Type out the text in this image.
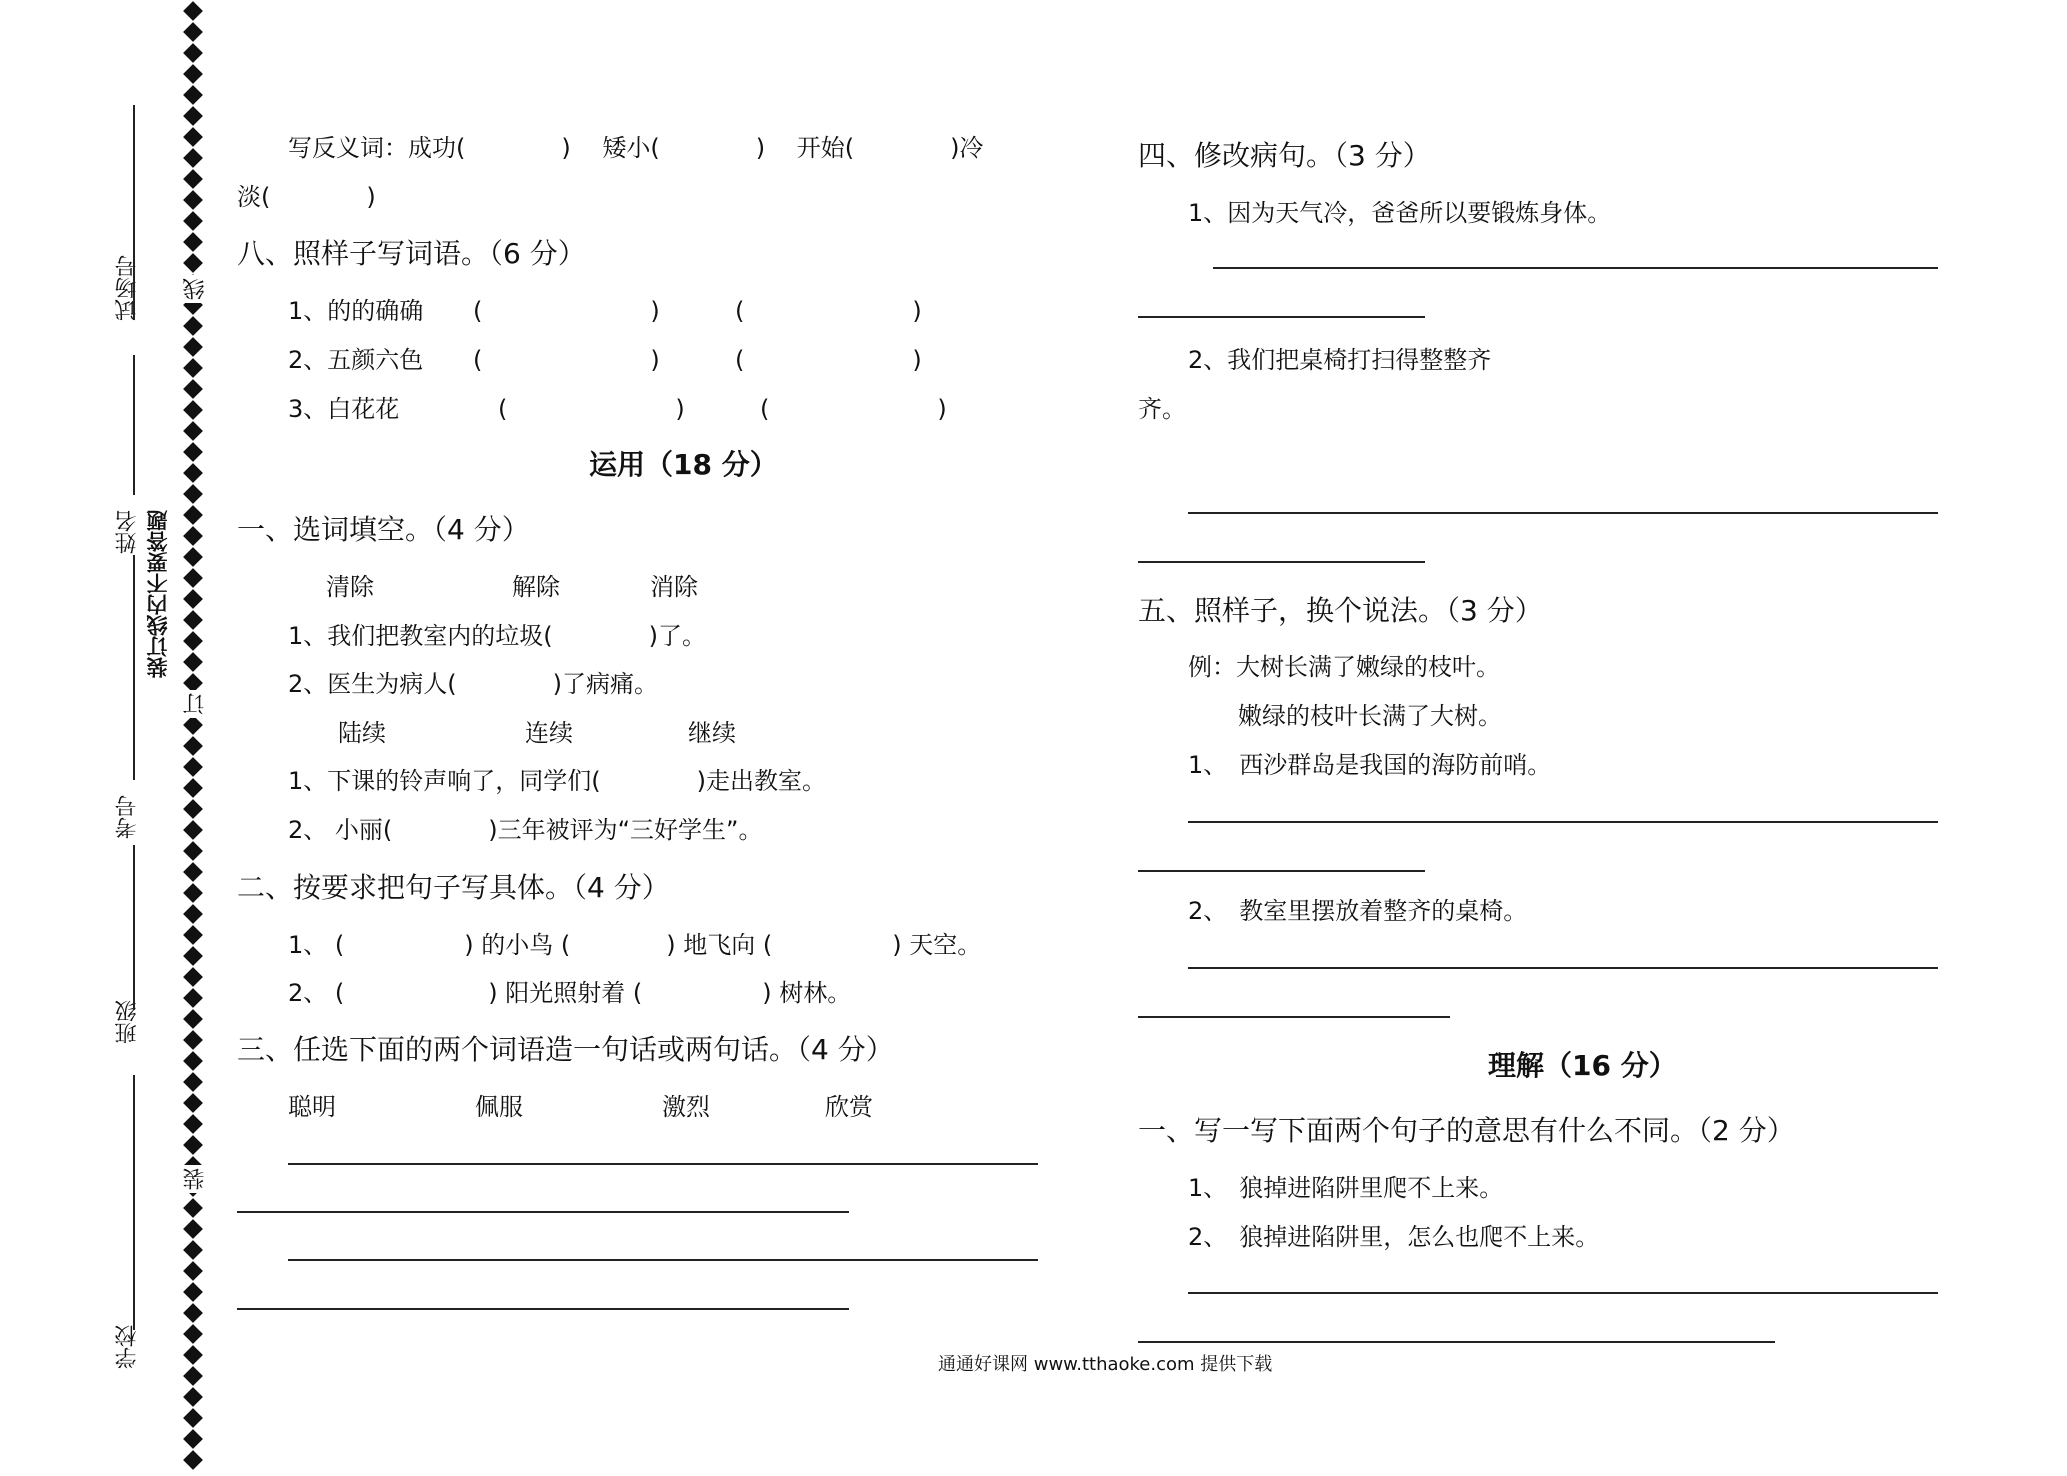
试场号
姓名
考号
班级
学校
装订线内不要答题
线
订
装
写反义词：成功(　　　　)　 矮小(　　　　)　 开始(　　　　)冷
淡(　　　　)
八、照样子写词语。（6 分）
1、的的确确 (　　　　　　　)	(　　　　　　　)
2、五颜六色 (　　　　　　　)	(　　　　　　　)
3、白花花	(　　　　　　　)	(　　　　　　　)
运用（18 分）
一、选词填空。（4 分）
清除	解除	消除
1、我们把教室内的垃圾(　　　　)了。
2、医生为病人(　　　　)了病痛。
陆续	连续	继续
1、下课的铃声响了，同学们(　　　　)走出教室。
2、 小丽(　　　　)三年被评为“三好学生”。
二、按要求把句子写具体。（4 分）
1、 (　　　　　) 的小鸟 (　　　　) 地飞向 (　　　　　) 天空。
2、 (　　　　　　) 阳光照射着 (　　　　　) 树林。
三、任选下面的两个词语造一句话或两句话。（4 分）
聪明	佩服	激烈	欣赏
四、修改病句。（3 分）
1、因为天气冷，爸爸所以要锻炼身体。
2、我们把桌椅打扫得整整齐
齐。
五、照样子，换个说法。（3 分）
例：大树长满了嫩绿的枝叶。
嫩绿的枝叶长满了大树。
1、　西沙群岛是我国的海防前哨。
2、　教室里摆放着整齐的桌椅。
理解（16 分）
一、写一写下面两个句子的意思有什么不同。（2 分）
1、　狼掉进陷阱里爬不上来。
2、　狼掉进陷阱里，怎么也爬不上来。
通通好课网 www.tthaoke.com 提供下载
